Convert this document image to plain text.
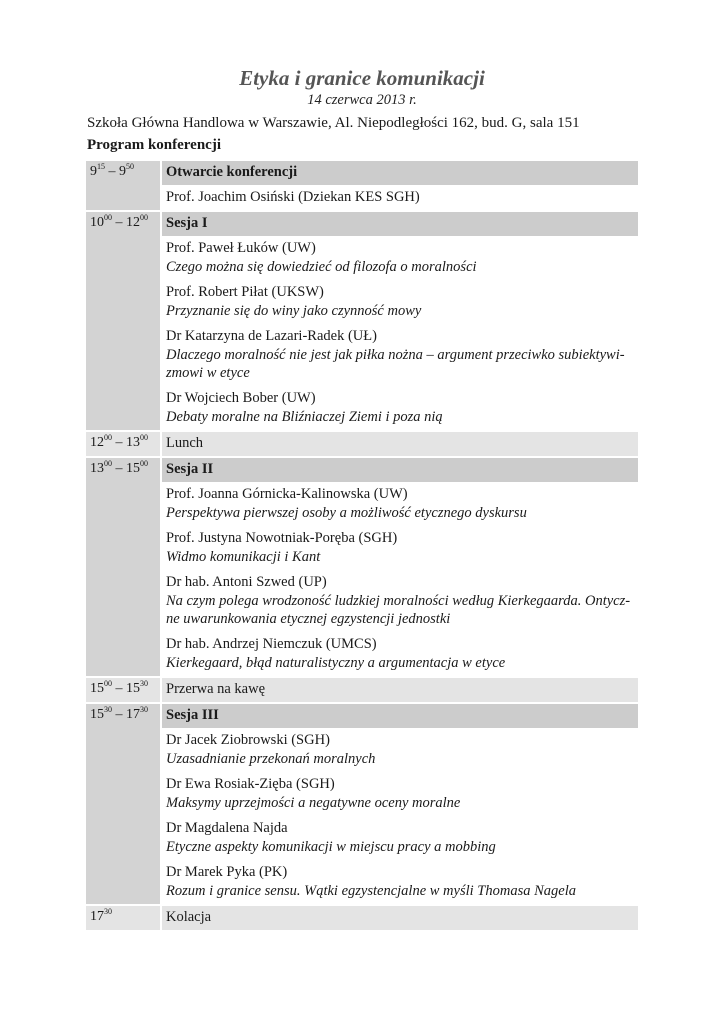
Etyka i granice komunikacji
14 czerwca 2013 r.
Szkoła Główna Handlowa w Warszawie, Al. Niepodległości 162, bud. G, sala 151
Program konferencji
$9^{15} - 9^{50}$	Otwarcie konferencji
Prof. Joachim Osiński (Dziekan KES SGH)
$10^{00} - 12^{00}$	Sesja I
Prof. Paweł Łuków (UW)
Czego można się dowiedzieć od filozofa o moralności
Prof. Robert Piłat (UKSW)
Przyznanie się do winy jako czynność mowy
Dr Katarzyna de Lazari-Radek (UŁ)
Dlaczego moralność nie jest jak piłka nożna – argument przeciwko subiektywi-zmowi w etyce
Dr Wojciech Bober (UW)
Debaty moralne na Bliźniaczej Ziemi i poza nią
$12^{00} - 13^{00}$	Lunch
$13^{00} - 15^{00}$	Sesja II
Prof. Joanna Górnicka-Kalinowska (UW)
Perspektywa pierwszej osoby a możliwość etycznego dyskursu
Prof. Justyna Nowotniak-Poręba (SGH)
Widmo komunikacji i Kant
Dr hab. Antoni Szwed (UP)
Na czym polega wrodzoność ludzkiej moralności według Kierkegaarda. Ontycz-ne uwarunkowania etycznej egzystencji jednostki
Dr hab. Andrzej Niemczuk (UMCS)
Kierkegaard, błąd naturalistyczny a argumentacja w etyce
$15^{00} - 15^{30}$	Przerwa na kawę
$15^{30} - 17^{30}$	Sesja III
Dr Jacek Ziobrowski (SGH)
Uzasadnianie przekonań moralnych
Dr Ewa Rosiak-Zięba (SGH)
Maksymy uprzejmości a negatywne oceny moralne
Dr Magdalena Najda
Etyczne aspekty komunikacji w miejscu pracy a mobbing
Dr Marek Pyka (PK)
Rozum i granice sensu. Wątki egzystencjalne w myśli Thomasa Nagela
$17^{30}$	Kolacja
